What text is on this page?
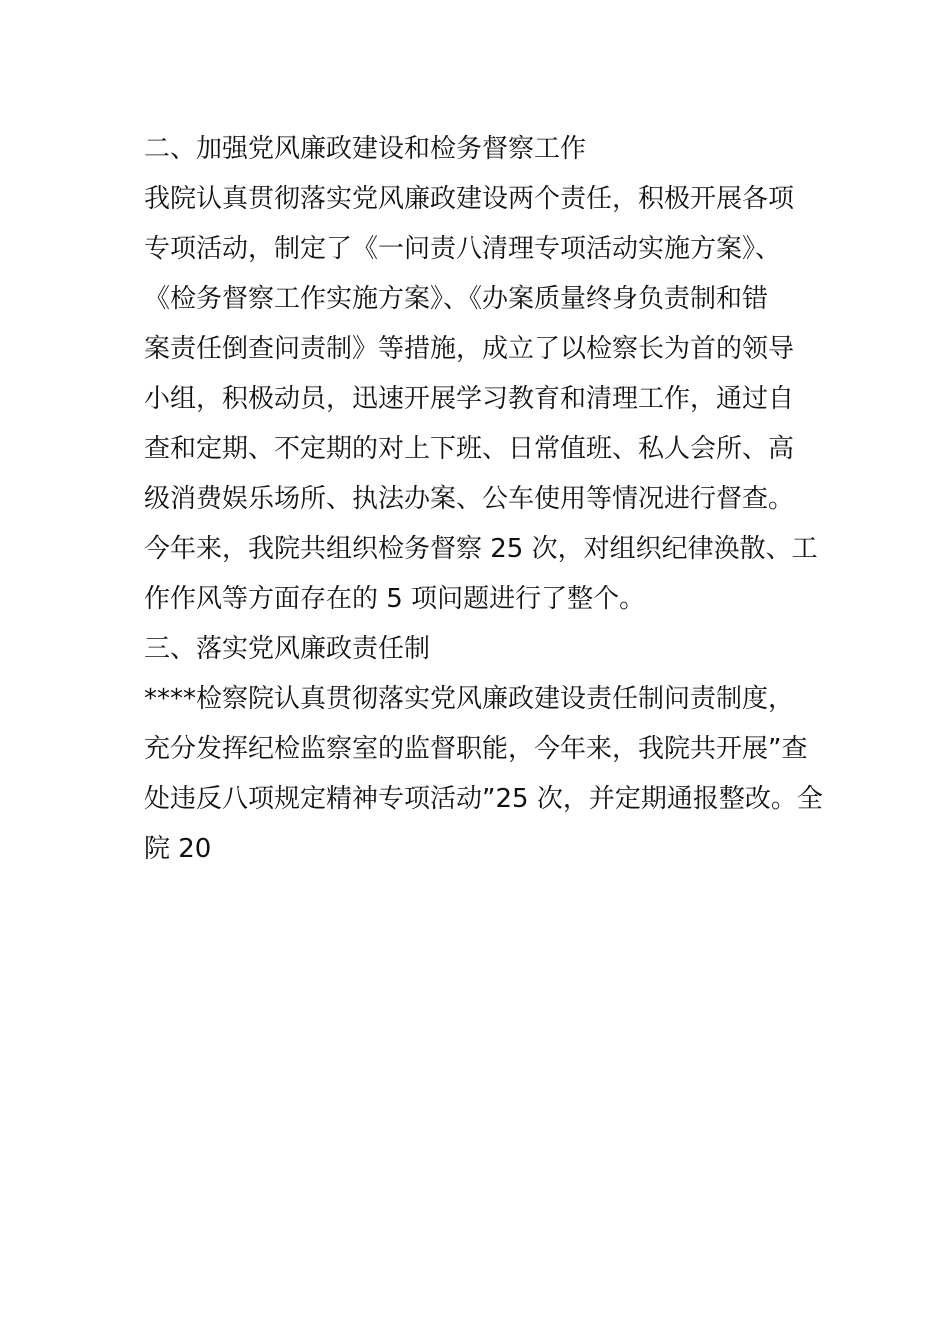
二、加强党风廉政建设和检务督察工作
我院认真贯彻落实党风廉政建设两个责任，积极开展各项
专项活动，制定了《一问责八清理专项活动实施方案》、
《检务督察工作实施方案》、《办案质量终身负责制和错
案责任倒查问责制》等措施，成立了以检察长为首的领导
小组，积极动员，迅速开展学习教育和清理工作，通过自
查和定期、不定期的对上下班、日常值班、私人会所、高
级消费娱乐场所、执法办案、公车使用等情况进行督查。
今年来，我院共组织检务督察 25 次，对组织纪律涣散、工
作作风等方面存在的 5 项问题进行了整个。
三、落实党风廉政责任制
****检察院认真贯彻落实党风廉政建设责任制问责制度，
充分发挥纪检监察室的监督职能，今年来，我院共开展”查
处违反八项规定精神专项活动”25 次，并定期通报整改。全
院 20
